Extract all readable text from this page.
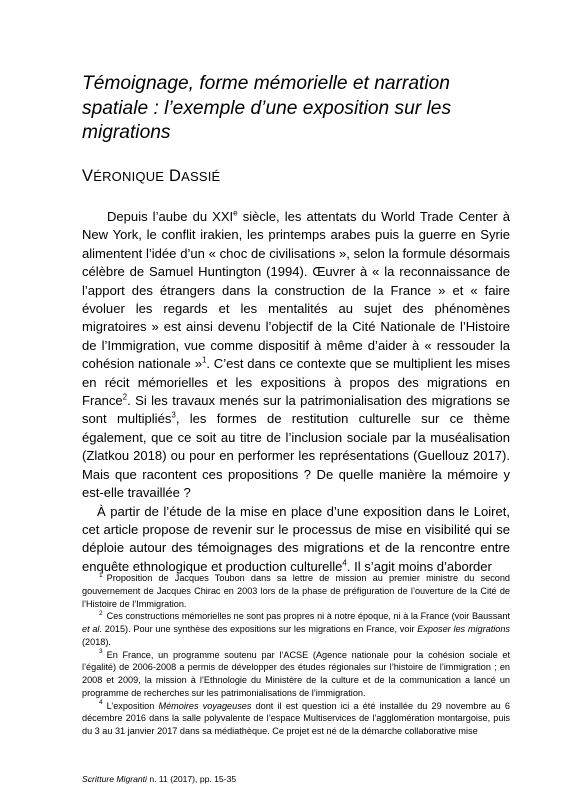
Témoignage, forme mémorielle et narration spatiale : l’exemple d’une exposition sur les migrations
VÉRONIQUE DASSIÉ

Depuis l’aube du XXIe siècle, les attentats du World Trade Center à New York, le conflit irakien, les printemps arabes puis la guerre en Syrie alimentent l’idée d’un « choc de civilisations », selon la formule désormais célèbre de Samuel Huntington (1994). Œuvrer à « la reconnaissance de l’apport des étrangers dans la construction de la France » et « faire évoluer les regards et les mentalités au sujet des phénomènes migratoires » est ainsi devenu l’objectif de la Cité Nationale de l’Histoire de l’Immigration, vue comme dispositif à même d’aider à « ressouder la cohésion nationale »$^1$. C’est dans ce contexte que se multiplient les mises en récit mémorielles et les expositions à propos des migrations en France$^2$. Si les travaux menés sur la patrimonialisation des migrations se sont multipliés$^3$, les formes de restitution culturelle sur ce thème également, que ce soit au titre de l’inclusion sociale par la muséalisation (Zlatkou 2018) ou pour en performer les représentations (Guellouz 2017). Mais que racontent ces propositions ? De quelle manière la mémoire y est-elle travaillée ?

À partir de l’étude de la mise en place d’une exposition dans le Loiret, cet article propose de revenir sur le processus de mise en visibilité qui se déploie autour des témoignages des migrations et de la rencontre entre enquête ethnologique et production culturelle$^4$. Il s’agit moins d’aborder

$^1$ Proposition de Jacques Toubon dans sa lettre de mission au premier ministre du second gouvernement de Jacques Chirac en 2003 lors de la phase de préfiguration de l’ouverture de la Cité de l’Histoire de l’Immigration.

$^2$ Ces constructions mémorielles ne sont pas propres ni à notre époque, ni à la France (voir Baussant et al. 2015). Pour une synthèse des expositions sur les migrations en France, voir Exposer les migrations (2018).

$^3$ En France, un programme soutenu par l’ACSE (Agence nationale pour la cohésion sociale et l’égalité) de 2006-2008 a permis de développer des études régionales sur l’histoire de l’immigration ; en 2008 et 2009, la mission à l’Ethnologie du Ministère de la culture et de la communication a lancé un programme de recherches sur les patrimonialisations de l’immigration.

$^4$ L’exposition Mémoires voyageuses dont il est question ici a été installée du 29 novembre au 6 décembre 2016 dans la salle polyvalente de l’espace Multiservices de l’agglomération montargoise, puis du 3 au 31 janvier 2017 dans sa médiathèque. Ce projet est né de la démarche collaborative mise

Scritture Migranti n. 11 (2017), pp. 15-35
